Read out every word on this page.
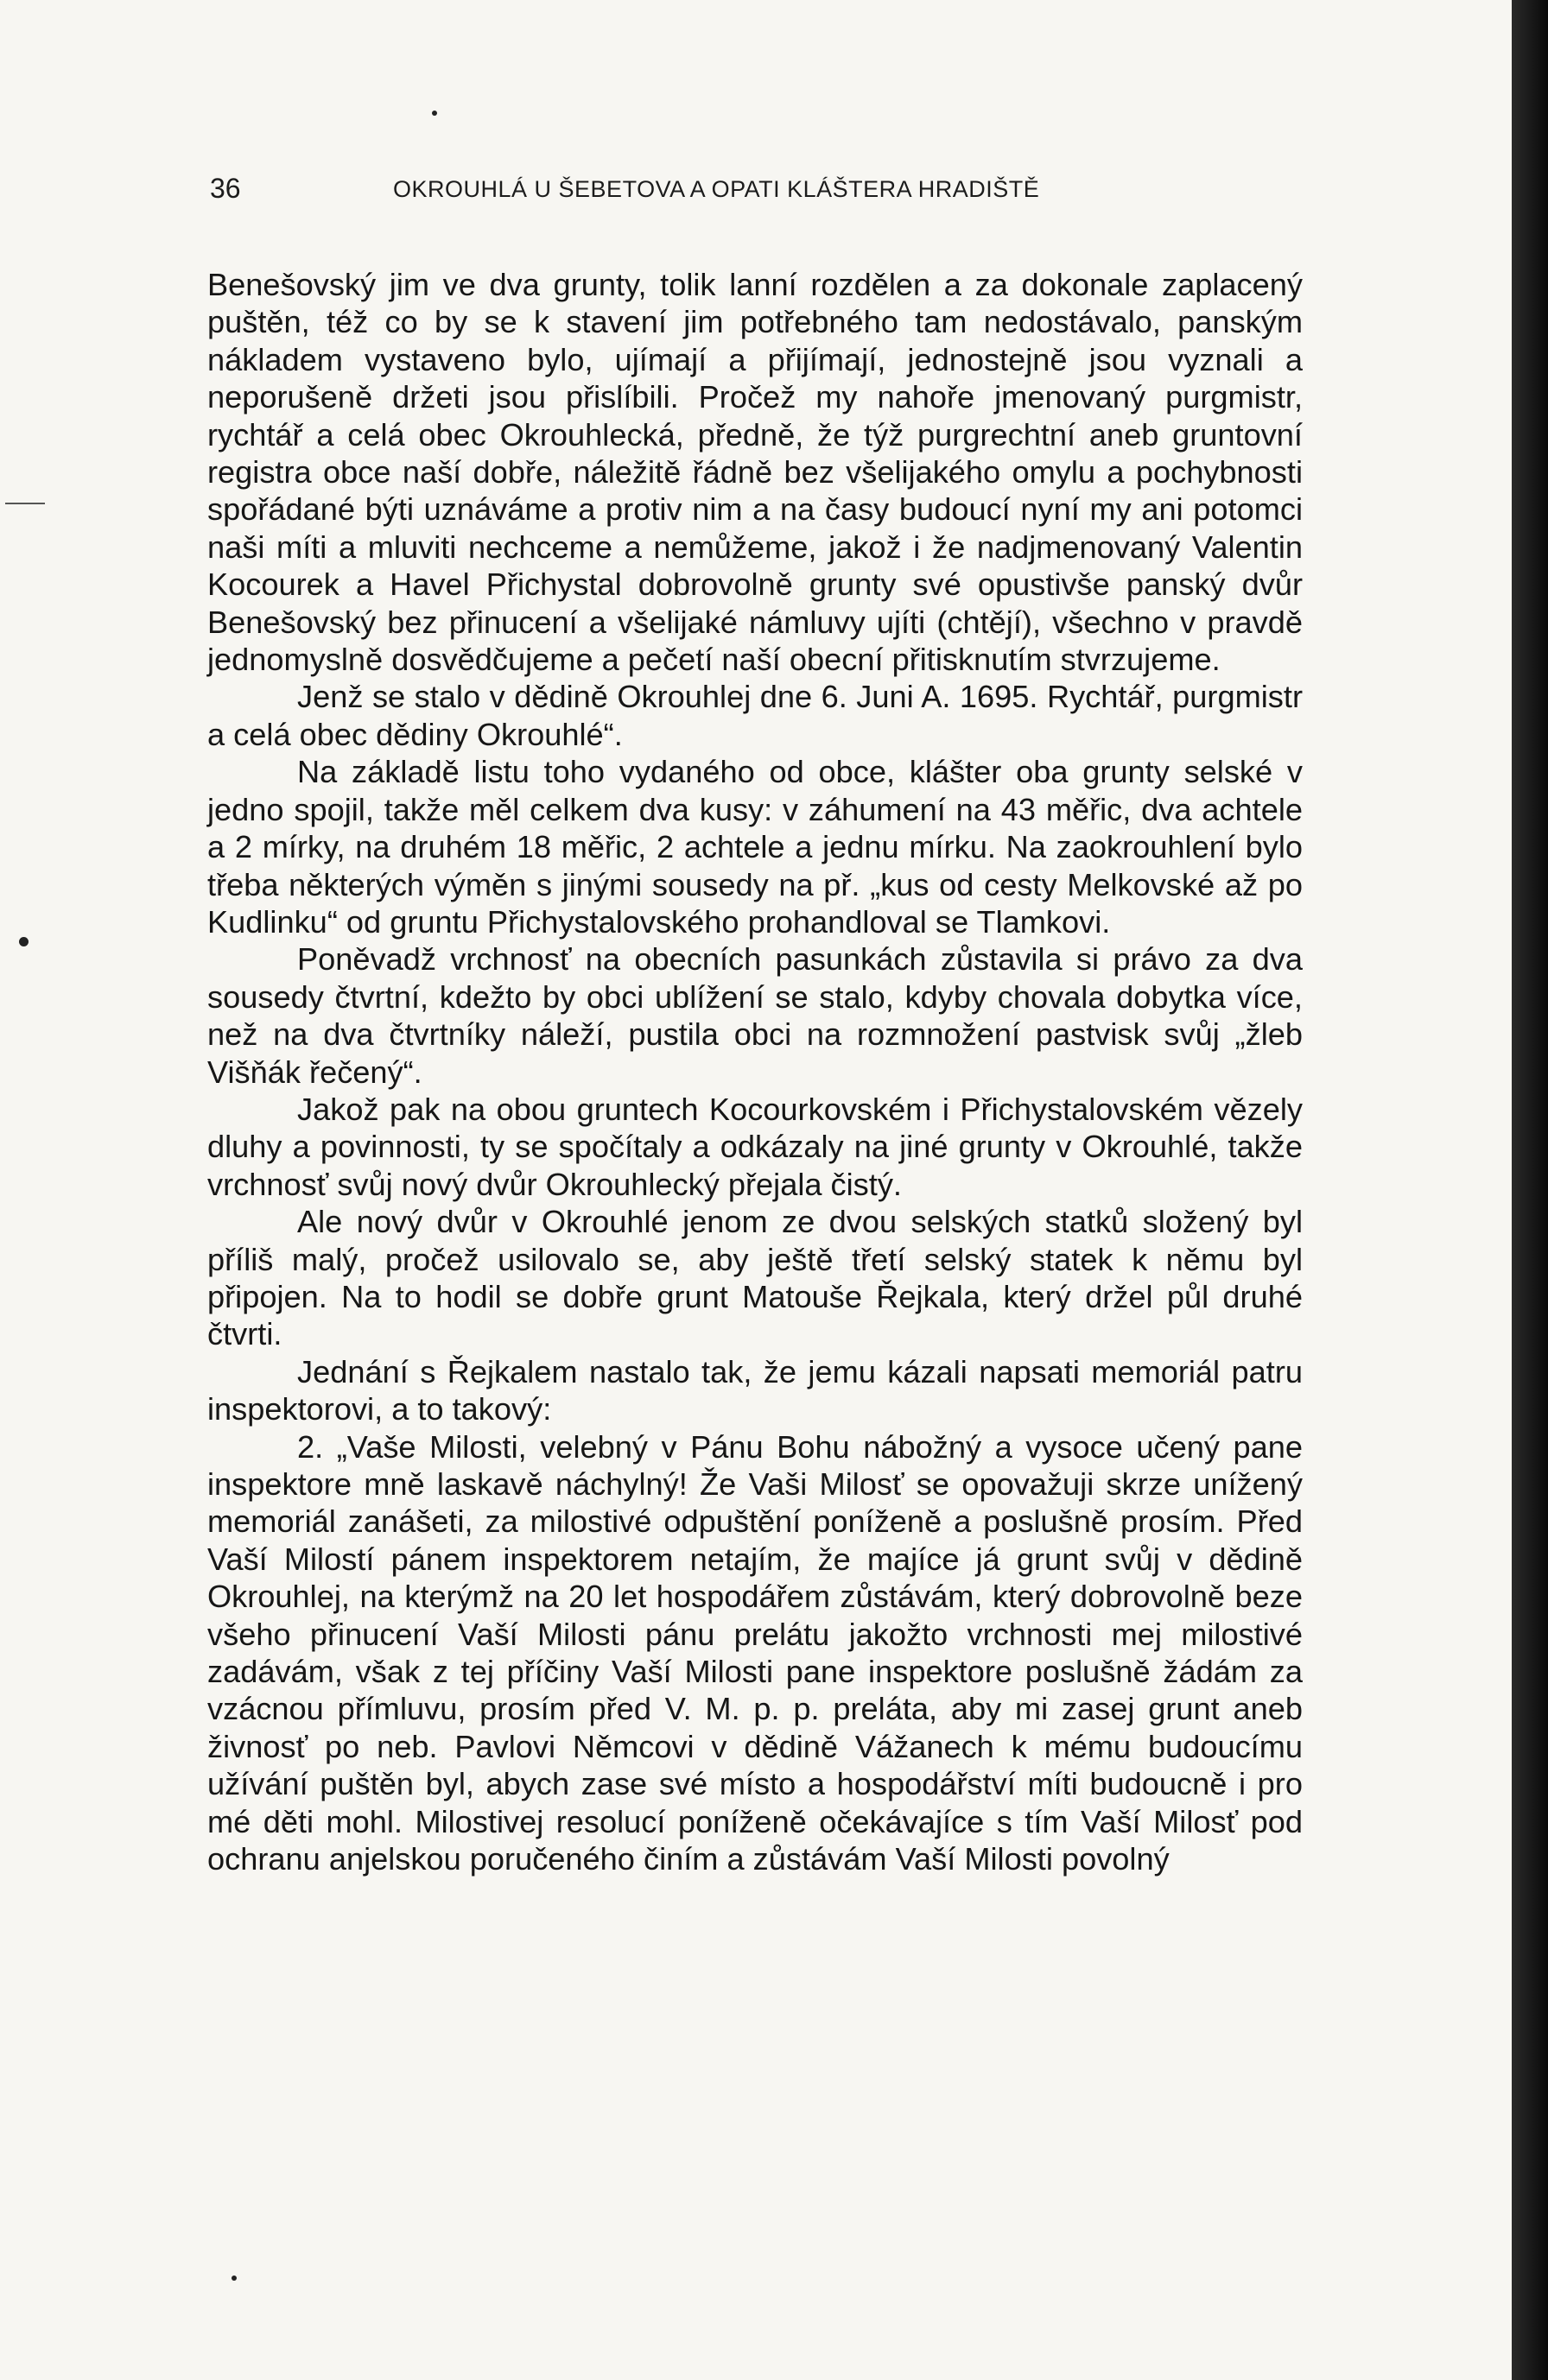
36	OKROUHLÁ U ŠEBETOVA A OPATI KLÁŠTERA HRADIŠTĚ

Benešovský jim ve dva grunty, tolik lanní rozdělen a za dokonale zaplacený puštěn, též co by se k stavení jim potřebného tam nedostávalo, panským nákladem vystaveno bylo, ujímají a přijímají, jednostejně jsou vyznali a neporušeně držeti jsou přislíbili. Pročež my nahoře jmenovaný purgmistr, rychtář a celá obec Okrouhlecká, předně, že týž purgrechtní aneb gruntovní registra obce naší dobře, náležitě řádně bez všelijakého omylu a pochybnosti spořádané býti uznáváme a protiv nim a na časy budoucí nyní my ani potomci naši míti a mluviti nechceme a nemůžeme, jakož i že nadjmenovaný Valentin Kocourek a Havel Přichystal dobrovolně grunty své opustivše panský dvůr Benešovský bez přinucení a všelijaké námluvy ujíti (chtějí), všechno v pravdě jednomyslně dosvědčujeme a pečetí naší obecní přitisknutím stvrzujeme.

Jenž se stalo v dědině Okrouhlej dne 6. Juni A. 1695. Rychtář, purgmistr a celá obec dědiny Okrouhlé“.

Na základě listu toho vydaného od obce, klášter oba grunty selské v jedno spojil, takže měl celkem dva kusy: v záhumení na 43 měřic, dva achtele a 2 mírky, na druhém 18 měřic, 2 achtele a jednu mírku. Na zaokrouhlení bylo třeba některých výměn s jinými sousedy na př. „kus od cesty Melkovské až po Kudlinku“ od gruntu Přichystalovského prohandloval se Tlamkovi.

Poněvadž vrchnosť na obecních pasunkách zůstavila si právo za dva sousedy čtvrtní, kdežto by obci ublížení se stalo, kdyby chovala dobytka více, než na dva čtvrtníky náleží, pustila obci na rozmnožení pastvisk svůj „žleb Višňák řečený“.

Jakož pak na obou gruntech Kocourkovském i Přichystalovském vězely dluhy a povinnosti, ty se spočítaly a odkázaly na jiné grunty v Okrouhlé, takže vrchnosť svůj nový dvůr Okrouhlecký přejala čistý.

Ale nový dvůr v Okrouhlé jenom ze dvou selských statků složený byl příliš malý, pročež usilovalo se, aby ještě třetí selský statek k němu byl připojen. Na to hodil se dobře grunt Matouše Řejkala, který držel půl druhé čtvrti.

Jednání s Řejkalem nastalo tak, že jemu kázali napsati memoriál patru inspektorovi, a to takový:

2. „Vaše Milosti, velebný v Pánu Bohu nábožný a vysoce učený pane inspektore mně laskavě náchylný! Že Vaši Milosť se opovažuji skrze unížený memoriál zanášeti, za milostivé odpuštění poníženě a poslušně prosím. Před Vaší Milostí pánem inspektorem netajím, že majíce já grunt svůj v dědině Okrouhlej, na kterýmž na 20 let hospodářem zůstávám, který dobrovolně beze všeho přinucení Vaší Milosti pánu prelátu jakožto vrchnosti mej milostivé zadávám, však z tej příčiny Vaší Milosti pane inspektore poslušně žádám za vzácnou přímluvu, prosím před V. M. p. p. preláta, aby mi zasej grunt aneb živnosť po neb. Pavlovi Němcovi v dědině Vážanech k mému budoucímu užívání puštěn byl, abych zase své místo a hospodářství míti budoucně i pro mé děti mohl. Milostivej resolucí poníženě očekávajíce s tím Vaší Milosť pod ochranu anjelskou poručeného činím a zůstávám Vaší Milosti povolný
